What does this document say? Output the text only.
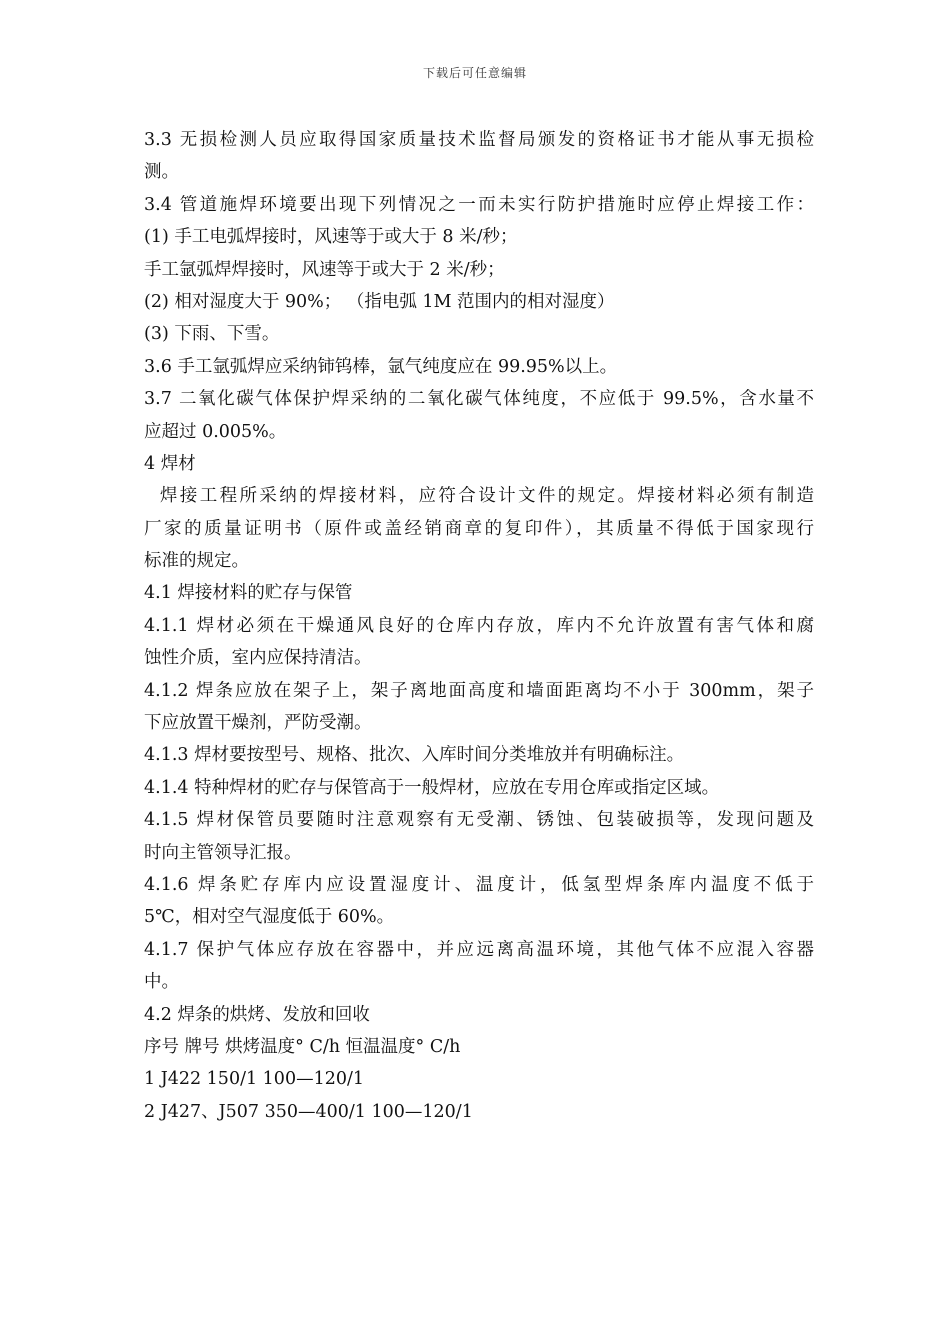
下载后可任意编辑
3.3 无损检测人员应取得国家质量技术监督局颁发的资格证书才能从事无损检
测。
3.4 管道施焊环境要出现下列情况之一而未实行防护措施时应停止焊接工作：
(1) 手工电弧焊接时，风速等于或大于 8 米/秒；
手工氩弧焊焊接时，风速等于或大于 2 米/秒；
(2) 相对湿度大于 90%； （指电弧 1M 范围内的相对湿度）
(3) 下雨、下雪。
3.6 手工氩弧焊应采纳铈钨棒，氩气纯度应在 99.95%以上。
3.7 二氧化碳气体保护焊采纳的二氧化碳气体纯度，不应低于 99.5%，含水量不
应超过 0.005%。
4 焊材
焊接工程所采纳的焊接材料，应符合设计文件的规定。焊接材料必须有制造
厂家的质量证明书（原件或盖经销商章的复印件），其质量不得低于国家现行
标准的规定。
4.1 焊接材料的贮存与保管
4.1.1 焊材必须在干燥通风良好的仓库内存放，库内不允许放置有害气体和腐
蚀性介质，室内应保持清洁。
4.1.2 焊条应放在架子上，架子离地面高度和墙面距离均不小于 300mm，架子
下应放置干燥剂，严防受潮。
4.1.3 焊材要按型号、规格、批次、入库时间分类堆放并有明确标注。
4.1.4 特种焊材的贮存与保管高于一般焊材，应放在专用仓库或指定区域。
4.1.5 焊材保管员要随时注意观察有无受潮、锈蚀、包装破损等，发现问题及
时向主管领导汇报。
4.1.6 焊条贮存库内应设置湿度计、温度计，低氢型焊条库内温度不低于
5℃，相对空气湿度低于 60%。
4.1.7 保护气体应存放在容器中，并应远离高温环境，其他气体不应混入容器
中。
4.2 焊条的烘烤、发放和回收
序号 牌号 烘烤温度° C/h 恒温温度° C/h
1 J422 150/1 100—120/1
2 J427、J507 350—400/1 100—120/1
